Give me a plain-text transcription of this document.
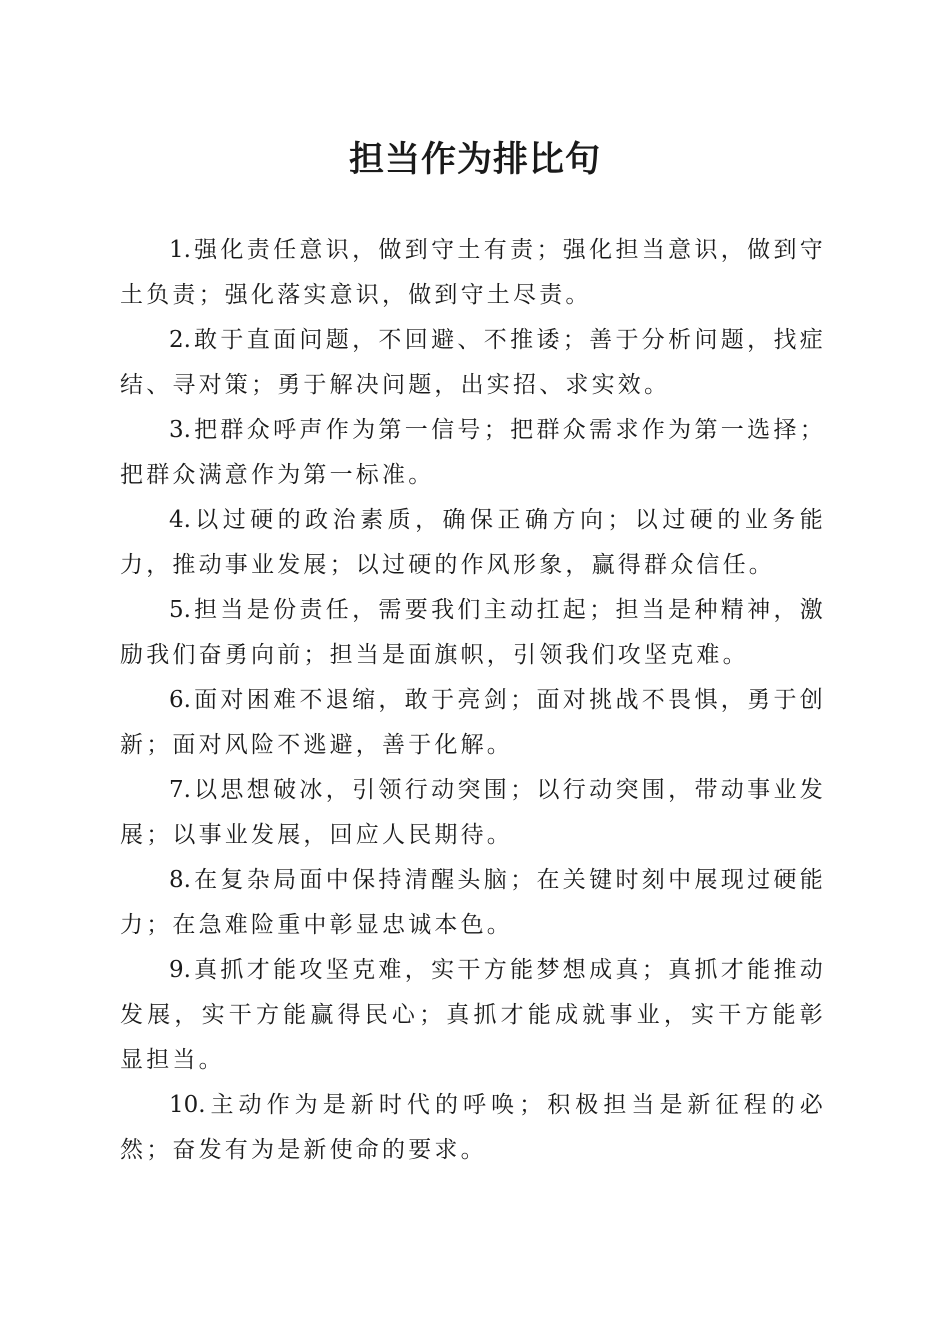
担当作为排比句

1. 强化责任意识，做到守土有责；强化担当意识，做到守土负责；强化落实意识，做到守土尽责。

2. 敢于直面问题，不回避、不推诿；善于分析问题，找症结、寻对策；勇于解决问题，出实招、求实效。

3. 把群众呼声作为第一信号；把群众需求作为第一选择；把群众满意作为第一标准。

4. 以过硬的政治素质，确保正确方向；以过硬的业务能力，推动事业发展；以过硬的作风形象，赢得群众信任。

5. 担当是份责任，需要我们主动扛起；担当是种精神，激励我们奋勇向前；担当是面旗帜，引领我们攻坚克难。

6. 面对困难不退缩，敢于亮剑；面对挑战不畏惧，勇于创新；面对风险不逃避，善于化解。

7. 以思想破冰，引领行动突围；以行动突围，带动事业发展；以事业发展，回应人民期待。

8. 在复杂局面中保持清醒头脑；在关键时刻中展现过硬能力；在急难险重中彰显忠诚本色。

9. 真抓才能攻坚克难，实干方能梦想成真；真抓才能推动发展，实干方能赢得民心；真抓才能成就事业，实干方能彰显担当。

10. 主动作为是新时代的呼唤；积极担当是新征程的必然；奋发有为是新使命的要求。
